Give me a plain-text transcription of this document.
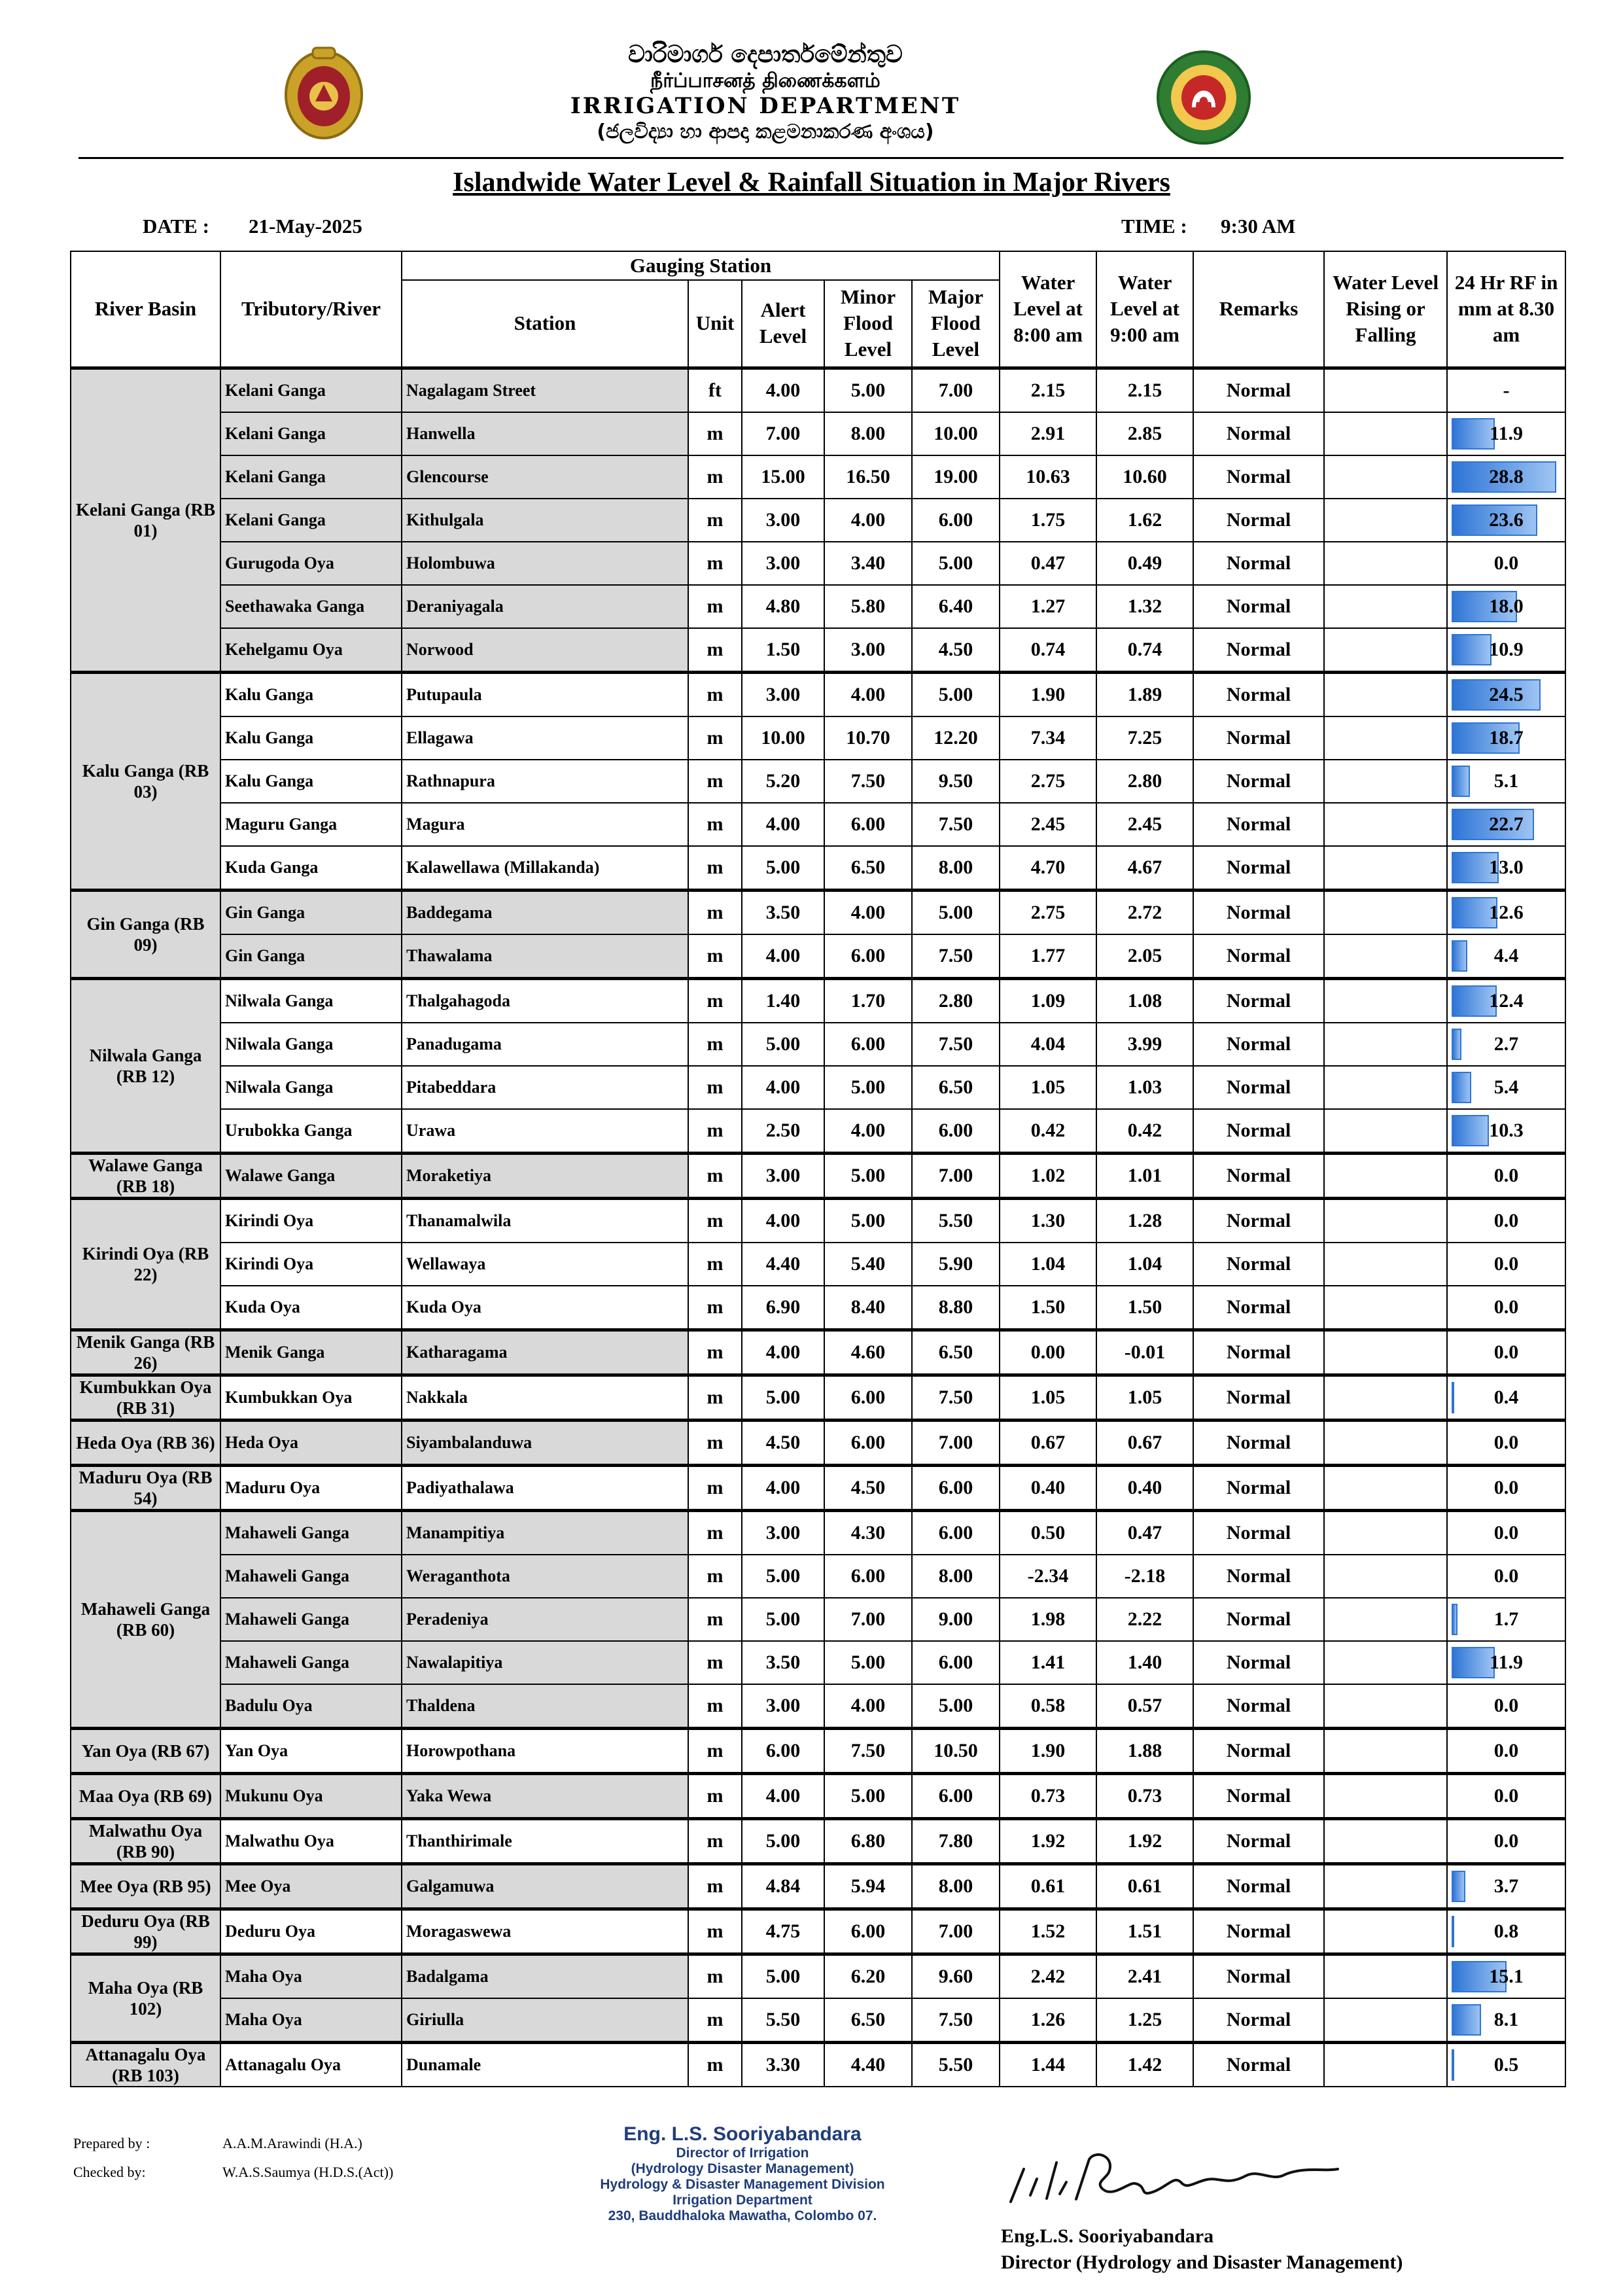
වාරිමාර්ග දෙපාර්තමේන්තුව
நீர்ப்பாசனத் திணைக்களம்
IRRIGATION DEPARTMENT
(ජලවිද්‍යා හා ආපදා කළමනාකරණ අංශය)
Islandwide Water Level & Rainfall Situation in Major Rivers
DATE : 21-May-2025	TIME : 9:30 AM
River Basin	Tributory/River	Gauging Station					Water Level at 8:00 am	Water Level at 9:00 am	Remarks	Water Level Rising or Falling	24 Hr RF in mm at 8.30 am
		Station	Unit	Alert Level	Minor Flood Level	Major Flood Level					
Kelani Ganga (RB 01)	Kelani Ganga	Nagalagam Street	ft	4.00	5.00	7.00	2.15	2.15	Normal		-
	Kelani Ganga	Hanwella	m	7.00	8.00	10.00	2.91	2.85	Normal		11.9
	Kelani Ganga	Glencourse	m	15.00	16.50	19.00	10.63	10.60	Normal		28.8
	Kelani Ganga	Kithulgala	m	3.00	4.00	6.00	1.75	1.62	Normal		23.6
	Gurugoda Oya	Holombuwa	m	3.00	3.40	5.00	0.47	0.49	Normal		0.0
	Seethawaka Ganga	Deraniyagala	m	4.80	5.80	6.40	1.27	1.32	Normal		18.0
	Kehelgamu Oya	Norwood	m	1.50	3.00	4.50	0.74	0.74	Normal		10.9
Kalu Ganga (RB 03)	Kalu Ganga	Putupaula	m	3.00	4.00	5.00	1.90	1.89	Normal		24.5
	Kalu Ganga	Ellagawa	m	10.00	10.70	12.20	7.34	7.25	Normal		18.7
	Kalu Ganga	Rathnapura	m	5.20	7.50	9.50	2.75	2.80	Normal		5.1
	Maguru Ganga	Magura	m	4.00	6.00	7.50	2.45	2.45	Normal		22.7
	Kuda Ganga	Kalawellawa (Millakanda)	m	5.00	6.50	8.00	4.70	4.67	Normal		13.0
Gin Ganga (RB 09)	Gin Ganga	Baddegama	m	3.50	4.00	5.00	2.75	2.72	Normal		12.6
	Gin Ganga	Thawalama	m	4.00	6.00	7.50	1.77	2.05	Normal		4.4
Nilwala Ganga (RB 12)	Nilwala Ganga	Thalgahagoda	m	1.40	1.70	2.80	1.09	1.08	Normal		12.4
	Nilwala Ganga	Panadugama	m	5.00	6.00	7.50	4.04	3.99	Normal		2.7
	Nilwala Ganga	Pitabeddara	m	4.00	5.00	6.50	1.05	1.03	Normal		5.4
	Urubokka Ganga	Urawa	m	2.50	4.00	6.00	0.42	0.42	Normal		10.3
Walawe Ganga (RB 18)	Walawe Ganga	Moraketiya	m	3.00	5.00	7.00	1.02	1.01	Normal		0.0
Kirindi Oya (RB 22)	Kirindi Oya	Thanamalwila	m	4.00	5.00	5.50	1.30	1.28	Normal		0.0
	Kirindi Oya	Wellawaya	m	4.40	5.40	5.90	1.04	1.04	Normal		0.0
	Kuda Oya	Kuda Oya	m	6.90	8.40	8.80	1.50	1.50	Normal		0.0
Menik Ganga (RB 26)	Menik Ganga	Katharagama	m	4.00	4.60	6.50	0.00	-0.01	Normal		0.0
Kumbukkan Oya (RB 31)	Kumbukkan Oya	Nakkala	m	5.00	6.00	7.50	1.05	1.05	Normal		0.4
Heda Oya (RB 36)	Heda Oya	Siyambalanduwa	m	4.50	6.00	7.00	0.67	0.67	Normal		0.0
Maduru Oya (RB 54)	Maduru Oya	Padiyathalawa	m	4.00	4.50	6.00	0.40	0.40	Normal		0.0
Mahaweli Ganga (RB 60)	Mahaweli Ganga	Manampitiya	m	3.00	4.30	6.00	0.50	0.47	Normal		0.0
	Mahaweli Ganga	Weraganthota	m	5.00	6.00	8.00	-2.34	-2.18	Normal		0.0
	Mahaweli Ganga	Peradeniya	m	5.00	7.00	9.00	1.98	2.22	Normal		1.7
	Mahaweli Ganga	Nawalapitiya	m	3.50	5.00	6.00	1.41	1.40	Normal		11.9
	Badulu Oya	Thaldena	m	3.00	4.00	5.00	0.58	0.57	Normal		0.0
Yan Oya (RB 67)	Yan Oya	Horowpothana	m	6.00	7.50	10.50	1.90	1.88	Normal		0.0
Maa Oya (RB 69)	Mukunu Oya	Yaka Wewa	m	4.00	5.00	6.00	0.73	0.73	Normal		0.0
Malwathu Oya (RB 90)	Malwathu Oya	Thanthirimale	m	5.00	6.80	7.80	1.92	1.92	Normal		0.0
Mee Oya (RB 95)	Mee Oya	Galgamuwa	m	4.84	5.94	8.00	0.61	0.61	Normal		3.7
Deduru Oya (RB 99)	Deduru Oya	Moragaswewa	m	4.75	6.00	7.00	1.52	1.51	Normal		0.8
Maha Oya (RB 102)	Maha Oya	Badalgama	m	5.00	6.20	9.60	2.42	2.41	Normal		15.1
	Maha Oya	Giriulla	m	5.50	6.50	7.50	1.26	1.25	Normal		8.1
Attanagalu Oya (RB 103)	Attanagalu Oya	Dunamale	m	3.30	4.40	5.50	1.44	1.42	Normal		0.5
Prepared by :	A.A.M.Arawindi (H.A.)
Checked by:	W.A.S.Saumya (H.D.S.(Act))
Eng. L.S. Sooriyabandara
Director of Irrigation
(Hydrology Disaster Management)
Hydrology & Disaster Management Division
Irrigation Department
230, Bauddhaloka Mawatha, Colombo 07.
Eng.L.S. Sooriyabandara
Director (Hydrology and Disaster Management)
